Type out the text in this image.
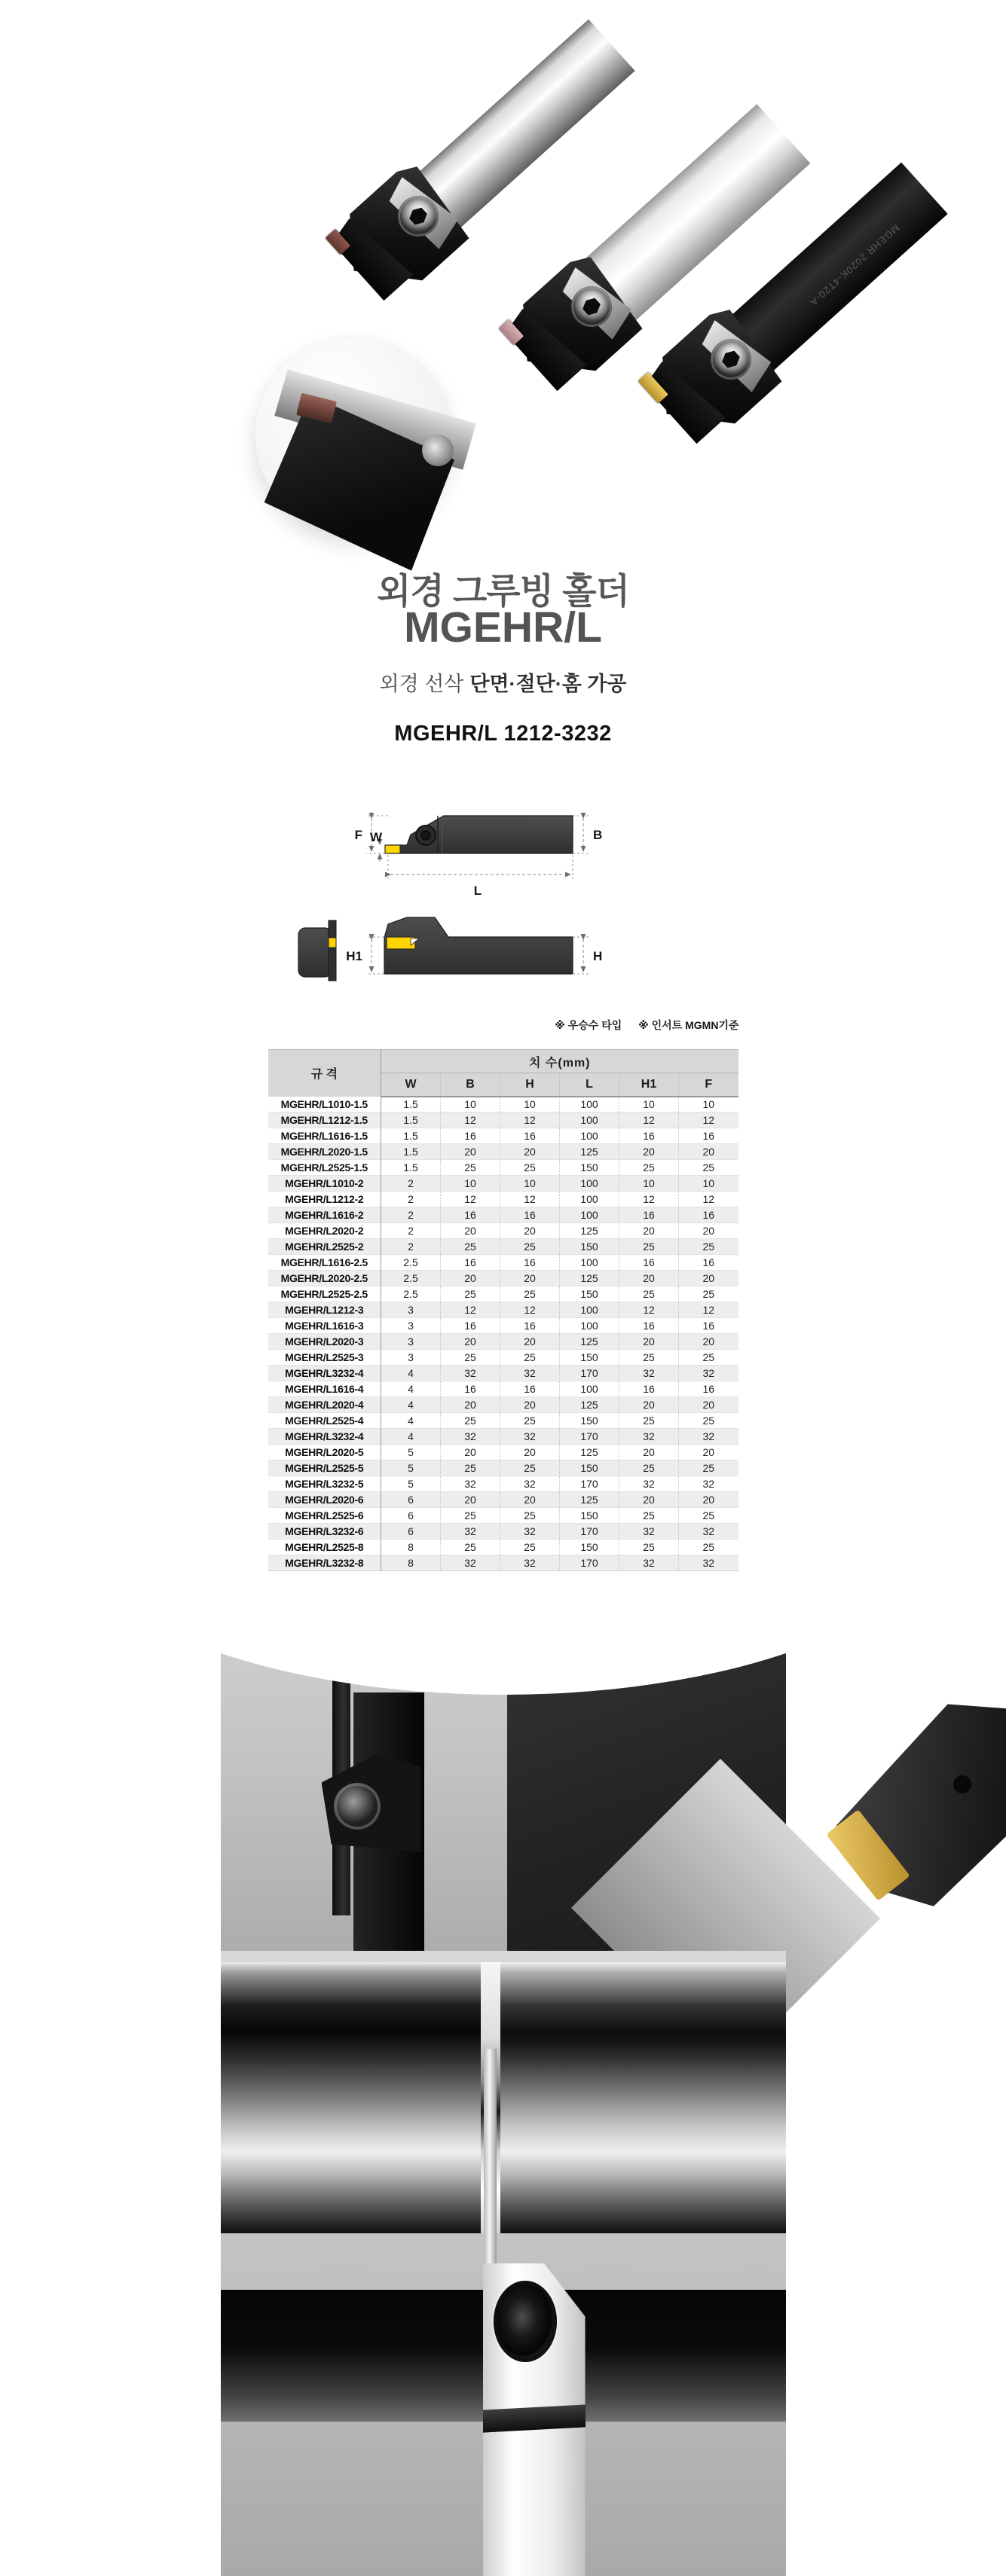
MGEHR 2020K-4T20-A
외경 그루빙 홀더
MGEHR/L

외경 선삭 단면·절단·홈 가공

MGEHR/L 1212-3232

F W	B
L
H1	H
※ 우승수 타입 ※ 인서트 MGMN기준
규 격	치 수(mm)					
	W	B	H	L	H1	F
MGEHR/L1010-1.5	1.5	10	10	100	10	10
MGEHR/L1212-1.5	1.5	12	12	100	12	12
MGEHR/L1616-1.5	1.5	16	16	100	16	16
MGEHR/L2020-1.5	1.5	20	20	125	20	20
MGEHR/L2525-1.5	1.5	25	25	150	25	25
MGEHR/L1010-2	2	10	10	100	10	10
MGEHR/L1212-2	2	12	12	100	12	12
MGEHR/L1616-2	2	16	16	100	16	16
MGEHR/L2020-2	2	20	20	125	20	20
MGEHR/L2525-2	2	25	25	150	25	25
MGEHR/L1616-2.5	2.5	16	16	100	16	16
MGEHR/L2020-2.5	2.5	20	20	125	20	20
MGEHR/L2525-2.5	2.5	25	25	150	25	25
MGEHR/L1212-3	3	12	12	100	12	12
MGEHR/L1616-3	3	16	16	100	16	16
MGEHR/L2020-3	3	20	20	125	20	20
MGEHR/L2525-3	3	25	25	150	25	25
MGEHR/L3232-4	4	32	32	170	32	32
MGEHR/L1616-4	4	16	16	100	16	16
MGEHR/L2020-4	4	20	20	125	20	20
MGEHR/L2525-4	4	25	25	150	25	25
MGEHR/L3232-4	4	32	32	170	32	32
MGEHR/L2020-5	5	20	20	125	20	20
MGEHR/L2525-5	5	25	25	150	25	25
MGEHR/L3232-5	5	32	32	170	32	32
MGEHR/L2020-6	6	20	20	125	20	20
MGEHR/L2525-6	6	25	25	150	25	25
MGEHR/L3232-6	6	32	32	170	32	32
MGEHR/L2525-8	8	25	25	150	25	25
MGEHR/L3232-8	8	32	32	170	32	32
